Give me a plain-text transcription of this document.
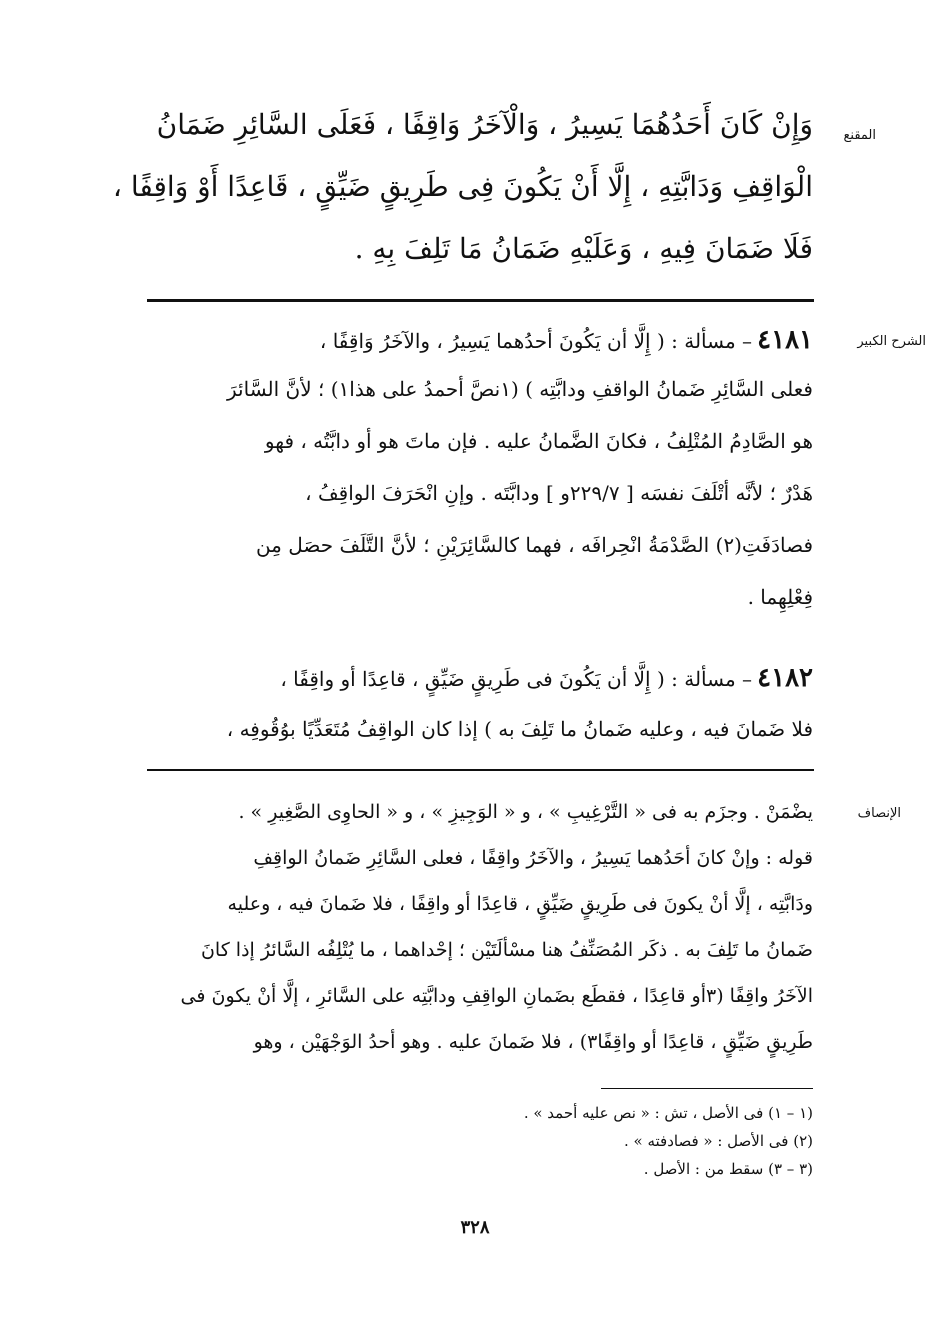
المقنع
الشرح الكبير
الإنصاف
وَإِنْ كَانَ أَحَدُهُمَا يَسِيرُ ، وَالْآخَرُ وَاقِفًا ، فَعَلَى السَّائِرِ ضَمَانُ
الْوَاقِفِ وَدَابَّتِهِ ، إِلَّا أَنْ يَكُونَ فِى طَرِيقٍ ضَيِّقٍ ، قَاعِدًا أَوْ وَاقِفًا ،
فَلَا ضَمَانَ فِيهِ ، وَعَلَيْهِ ضَمَانُ مَا تَلِفَ بِهِ .
٤١٨١ – مسألة : ( إِلَّا أن يَكُونَ أحدُهما يَسِيرُ ، والآخَرُ وَاقِفًا ،
فعلى السَّائِرِ ضَمانُ الواقفِ ودابَّتِه ) (١نصَّ أحمدُ على هذا١) ؛ لأنَّ السَّائرَ
هو الصَّادِمُ المُتْلِفُ ، فكانَ الضَّمانُ عليه . فإن ماتَ هو أو دابَّتُه ، فهو
هَدْرٌ ؛ لأنَّه أتْلَفَ نفسَه [ ٢٢٩/٧و ] ودابَّتَه . وإنِ انْحَرَفَ الواقِفُ ،
فصادَفَتِ(٢) الصَّدْمَةُ انْحِرافَه ، فهما كالسَّائِرَيْنِ ؛ لأنَّ التَّلَفَ حصَل مِن
فِعْلِهِما .
٤١٨٢ – مسألة : ( إِلَّا أن يَكُونَ فى طَرِيقٍ ضَيِّقٍ ، قاعِدًا أو واقِفًا ،
فلا ضَمانَ فيه ، وعليه ضَمانُ ما تَلِفَ به ) إذا كان الواقِفُ مُتَعَدِّيًا بوُقُوفِه ،
يضْمَنْ . وجزَم به فى « التَّرْغِيبِ » ، و « الوَجِيزِ » ، و « الحاوِى الصَّغِيرِ » .
قوله : وإنْ كانَ أحَدُهما يَسِيرُ ، والآخَرُ واقِفًا ، فعلى السَّائِرِ ضَمانُ الواقِفِ
ودَابَّتِه ، إلَّا أنْ يكونَ فى طَرِيقٍ ضَيِّقٍ ، قاعِدًا أو واقِفًا ، فلا ضَمانَ فيه ، وعليه
ضَمانُ ما تَلِفَ به . ذكَر المُصَنِّفُ هنا مسْألَتَيْن ؛ إحْداهما ، ما يُتْلِفُه السَّائرُ إذا كانَ
الآخَرُ واقِفًا (٣أو قاعِدًا ، فقطَع بضَمانِ الواقِفِ ودابَّتِه على السَّائرِ ، إلَّا أنْ يكونَ فى
طَرِيقٍ ضَيِّقٍ ، قاعِدًا أو واقِفًا٣) ، فلا ضَمانَ عليه . وهو أحدُ الوَجْهَيْن ، وهو
(١ – ١) فى الأصل ، تش : « نص عليه أحمد » .
(٢) فى الأصل : « فصادفته » .
(٣ – ٣) سقط من : الأصل .
٣٢٨
